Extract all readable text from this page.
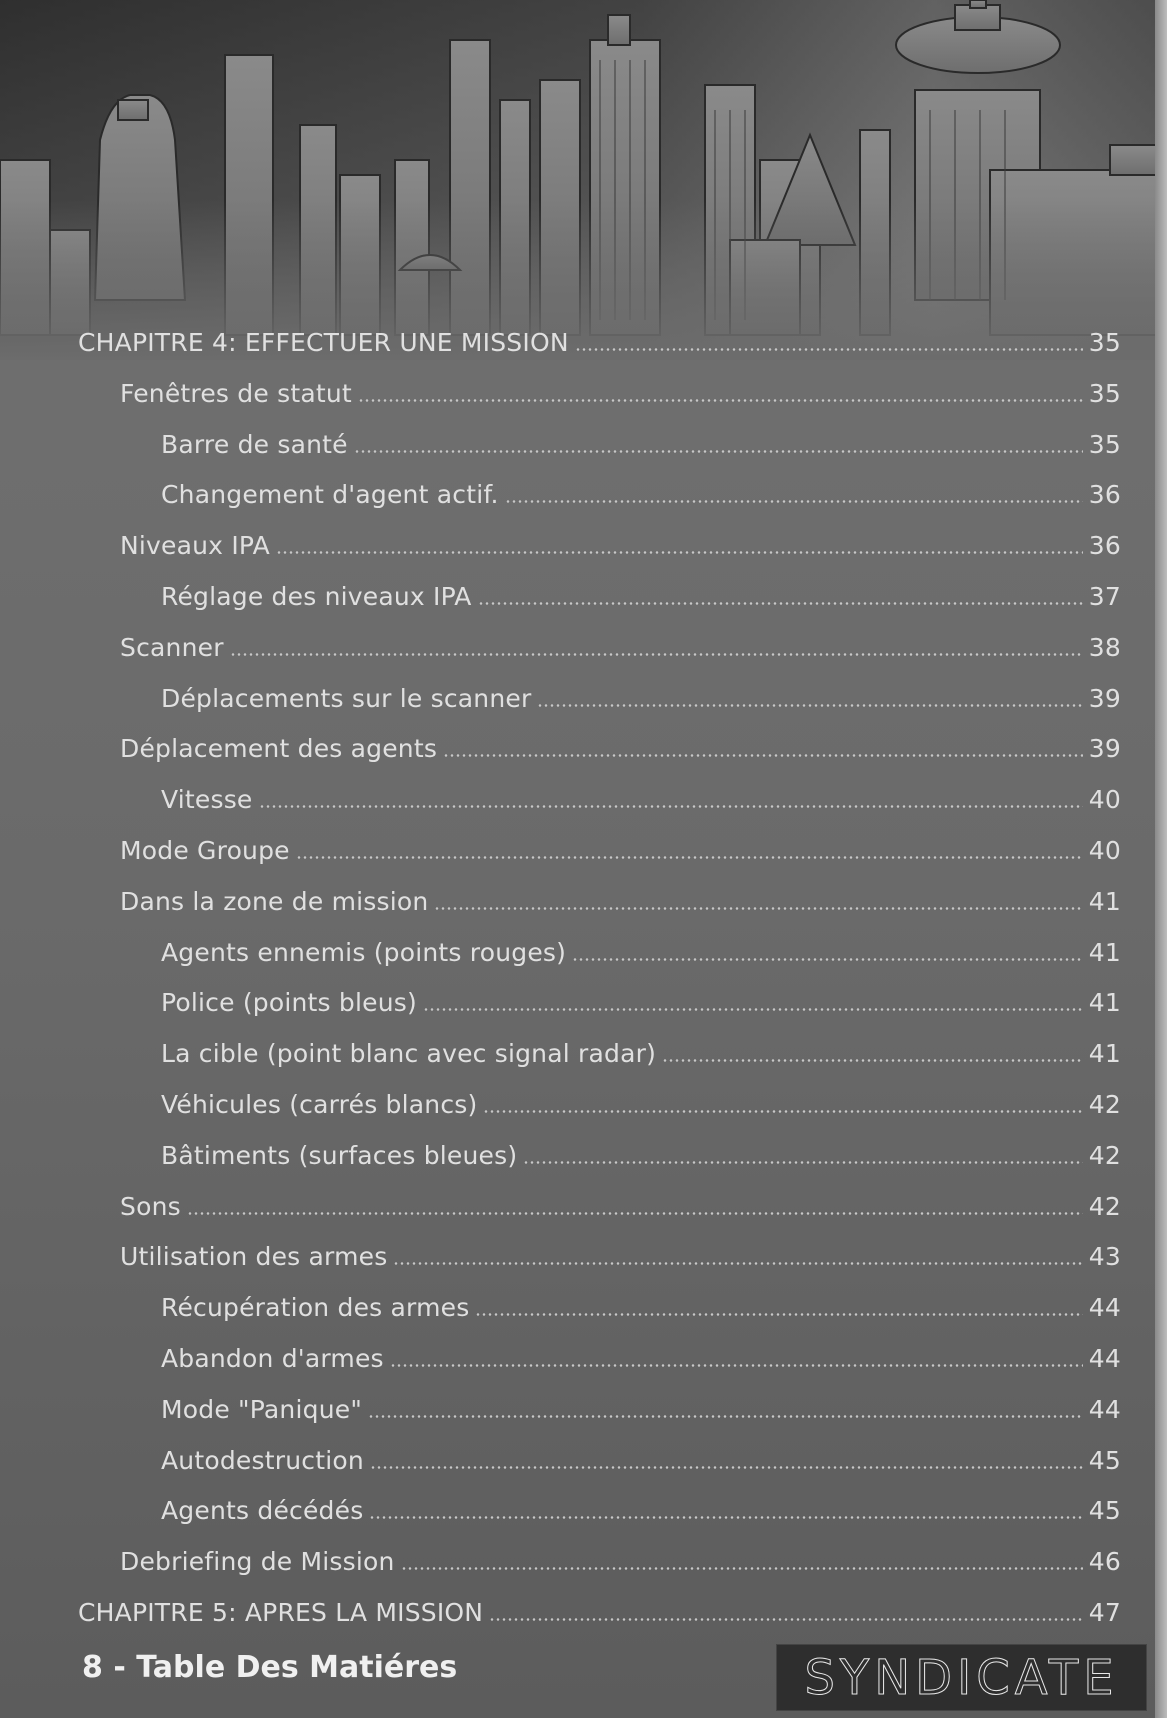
CHAPITRE 4: EFFECTUER UNE MISSION	35
Fenêtres de statut	35
Barre de santé	35
Changement d'agent actif.	36
Niveaux IPA	36
Réglage des niveaux IPA	37
Scanner	38
Déplacements sur le scanner	39
Déplacement des agents	39
Vitesse	40
Mode Groupe	40
Dans la zone de mission	41
Agents ennemis (points rouges)	41
Police (points bleus)	41
La cible (point blanc avec signal radar)	41
Véhicules (carrés blancs)	42
Bâtiments (surfaces bleues)	42
Sons	42
Utilisation des armes	43
Récupération des armes	44
Abandon d'armes	44
Mode "Panique"	44
Autodestruction	45
Agents décédés	45
Debriefing de Mission	46
CHAPITRE 5: APRES LA MISSION	47
8 - Table Des Matiéres	SYNDICATE
